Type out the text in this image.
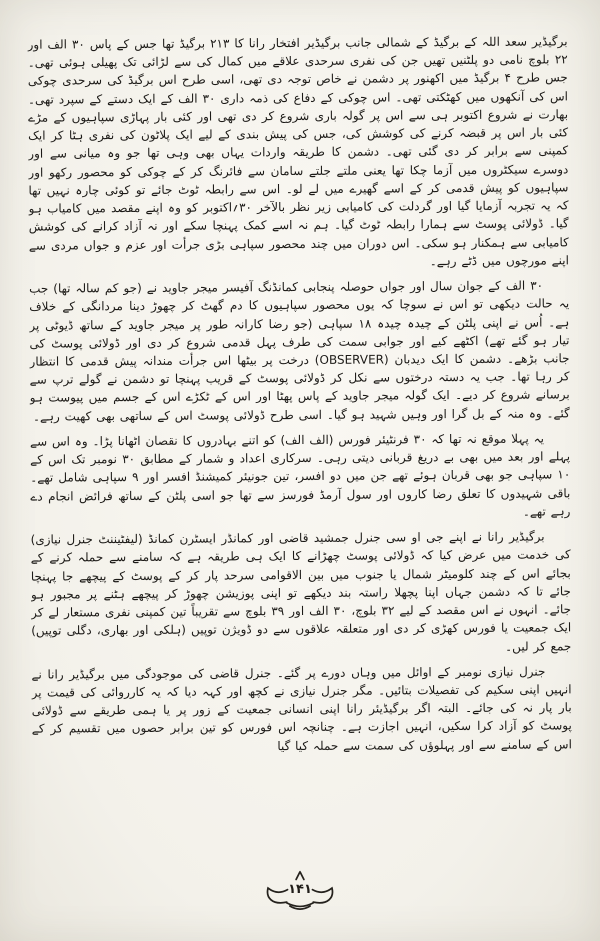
برگیڈیر سعد اللہ کے برگیڈ کے شمالی جانب برگیڈیر افتخار رانا کا ۲۱۳ برگیڈ تھا جس کے پاس ۳۰ الف اور ۲۲ بلوچ نامی دو پلٹنیں تھیں جن کی نفری سرحدی علاقے میں کمال کی سے لڑائی تک پھیلی ہوئی تھی۔ جس طرح ۴ برگیڈ میں اکھنور پر دشمن نے خاص توجہ دی تھی، اسی طرح اس برگیڈ کی سرحدی چوکی اس کی آنکھوں میں کھٹکتی تھی۔ اس چوکی کے دفاع کی ذمہ داری ۳۰ الف کے ایک دستے کے سپرد تھی۔ بھارت نے شروع اکتوبر ہی سے اس پر گولہ باری شروع کر دی تھی اور کئی بار پہاڑی سپاہیوں کے مڑے کئی بار اس پر قبضہ کرنے کی کوشش کی، جس کی پیش بندی کے لیے ایک پلاٹون کی نفری ہٹا کر ایک کمپنی سے برابر کر دی گئی تھی۔ دشمن کا طریقہ واردات یہاں بھی وہی تھا جو وہ میانی سے اور دوسرے سیکٹروں میں آزما چکا تھا یعنی ملتے جلتے سامان سے فائرنگ کر کے چوکی کو محصور رکھو اور سپاہیوں کو پیش قدمی کر کے اسے گھیرے میں لے لو۔ اس سے رابطہ ٹوٹ جائے تو کوئی چارہ نہیں تھا کہ یہ تجربہ آزمایا گیا اور گردلت کی کامیابی زیر نظر بالآخر ۳۰؍اکتوبر کو وہ اپنے مقصد میں کامیاب ہو گیا۔ ڈولائی پوسٹ سے ہمارا رابطہ ٹوٹ گیا۔ ہم نہ اسے کمک پہنچا سکے اور نہ آزاد کرانے کی کوشش کامیابی سے ہمکنار ہو سکی۔ اس دوران میں چند محصور سپاہی بڑی جرأت اور عزم و جواں مردی سے اپنے مورچوں میں ڈٹے رہے۔

۳۰ الف کے جوان سال اور جواں حوصلہ پنجابی کمانڈنگ آفیسر میجر جاوید نے (جو کم سالہ تھا) جب یہ حالت دیکھی تو اس نے سوچا کہ یوں محصور سپاہیوں کا دم گھٹ کر چھوڑ دینا مردانگی کے خلاف ہے۔ اُس نے اپنی پلٹن کے چیدہ چیدہ ۱۸ سپاہی (جو رضا کارانہ طور پر میجر جاوید کے ساتھ ڈیوٹی پر تیار ہو گئے تھے) اکٹھے کیے اور جوابی سمت کی طرف پہل قدمی شروع کر دی اور ڈولائی پوسٹ کی جانب بڑھے۔ دشمن کا ایک دیدبان (OBSERVER) درخت پر بیٹھا اس جرأت مندانہ پیش قدمی کا انتظار کر رہا تھا۔ جب یہ دستہ درختوں سے نکل کر ڈولائی پوسٹ کے قریب پہنچا تو دشمن نے گولے ترپ سے برسانے شروع کر دیے۔ ایک گولہ میجر جاوید کے پاس پھٹا اور اس کے ٹکڑے اس کے جسم میں پیوست ہو گئے۔ وہ منہ کے بل گرا اور وہیں شہید ہو گیا۔ اسی طرح ڈولائی پوسٹ اس کے ساتھی بھی کھیت رہے۔

یہ پہلا موقع نہ تھا کہ ۳۰ فرنٹیئر فورس (الف الف) کو اتنے بہادروں کا نقصان اٹھانا پڑا۔ وہ اس سے پہلے اور بعد میں بھی بے دریغ قربانی دیتی رہی۔ سرکاری اعداد و شمار کے مطابق ۳۰ نومبر تک اس کے ۱۰ سپاہی جو بھی قربان ہوئے تھے جن میں دو افسر، تین جونیئر کمیشنڈ افسر اور ۹ سپاہی شامل تھے۔ باقی شہیدوں کا تعلق رضا کاروں اور سول آرمڈ فورسز سے تھا جو اسی پلٹن کے ساتھ فرائض انجام دے رہے تھے۔

برگیڈیر رانا نے اپنے جی او سی جنرل جمشید قاضی اور کمانڈر ایسٹرن کمانڈ (لیفٹیننٹ جنرل نیازی) کی خدمت میں عرض کیا کہ ڈولائی پوسٹ چھڑانے کا ایک ہی طریقہ ہے کہ سامنے سے حملہ کرنے کے بجائے اس کے چند کلومیٹر شمال یا جنوب میں بین الاقوامی سرحد پار کر کے پوسٹ کے پیچھے جا پہنچا جائے تا کہ دشمن جہاں اپنا پچھلا راستہ بند دیکھے تو اپنی پوزیشن چھوڑ کر پیچھے ہٹنے پر مجبور ہو جائے۔ انہوں نے اس مقصد کے لیے ۳۲ بلوچ، ۳۰ الف اور ۳۹ بلوچ سے تقریباً تین کمپنی نفری مستعار لے کر ایک جمعیت یا فورس کھڑی کر دی اور متعلقہ علاقوں سے دو ڈویژن توپیں (ہلکی اور بھاری، دگلی توپیں) جمع کر لیں۔

جنرل نیازی نومبر کے اوائل میں وہاں دورے پر گئے۔ جنرل قاضی کی موجودگی میں برگیڈیر رانا نے انہیں اپنی سکیم کی تفصیلات بتائیں۔ مگر جنرل نیازی نے کچھ اور کہہ دیا کہ یہ کارروائی کی قیمت پر بار پار نہ کی جائے۔ البتہ اگر برگیڈیئر رانا اپنی انسانی جمعیت کے زور پر یا ہمی طریقے سے ڈولائی پوسٹ کو آزاد کرا سکیں، انہیں اجازت ہے۔ چنانچہ اس فورس کو تین برابر حصوں میں تقسیم کر کے اس کے سامنے سے اور پہلوؤں کی سمت سے حملہ کیا گیا

۱۴۱
